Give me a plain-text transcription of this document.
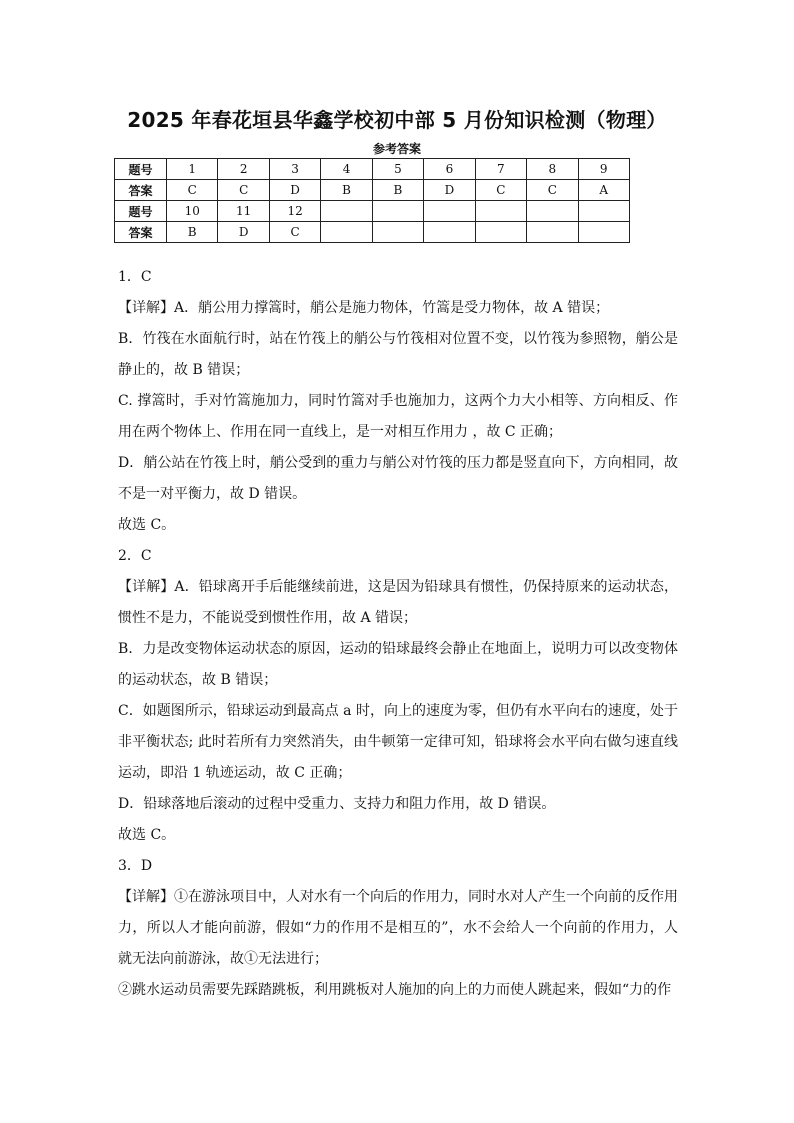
2025 年春花垣县华鑫学校初中部 5 月份知识检测（物理）
参考答案
题号	1	2	3	4	5	6	7	8	9
答案	C	C	D	B	B	D	C	C	A
题号	10	11	12						
答案	B	D	C						

1．C

【详解】A．艄公用力撑篙时，艄公是施力物体，竹篙是受力物体，故 A 错误；

B．竹筏在水面航行时，站在竹筏上的艄公与竹筏相对位置不变，以竹筏为参照物，艄公是静止的，故 B 错误；

C. 撑篙时，手对竹篙施加力，同时竹篙对手也施加力，这两个力大小相等、方向相反、作用在两个物体上、作用在同一直线上，是一对相互作用力 ，故 C 正确；

D．艄公站在竹筏上时，艄公受到的重力与艄公对竹筏的压力都是竖直向下，方向相同，故不是一对平衡力，故 D 错误。

故选 C。

2．C

【详解】A．铅球离开手后能继续前进，这是因为铅球具有惯性，仍保持原来的运动状态，惯性不是力，不能说受到惯性作用，故 A 错误；

B．力是改变物体运动状态的原因，运动的铅球最终会静止在地面上，说明力可以改变物体的运动状态，故 B 错误；

C．如题图所示，铅球运动到最高点 a 时，向上的速度为零，但仍有水平向右的速度，处于非平衡状态; 此时若所有力突然消失，由牛顿第一定律可知，铅球将会水平向右做匀速直线运动，即沿 1 轨迹运动，故 C 正确；

D．铅球落地后滚动的过程中受重力、支持力和阻力作用，故 D 错误。

故选 C。

3．D

【详解】①在游泳项目中，人对水有一个向后的作用力，同时水对人产生一个向前的反作用力，所以人才能向前游，假如“力的作用不是相互的”，水不会给人一个向前的作用力，人就无法向前游泳，故①无法进行；

②跳水运动员需要先踩踏跳板，利用跳板对人施加的向上的力而使人跳起来，假如“力的作
